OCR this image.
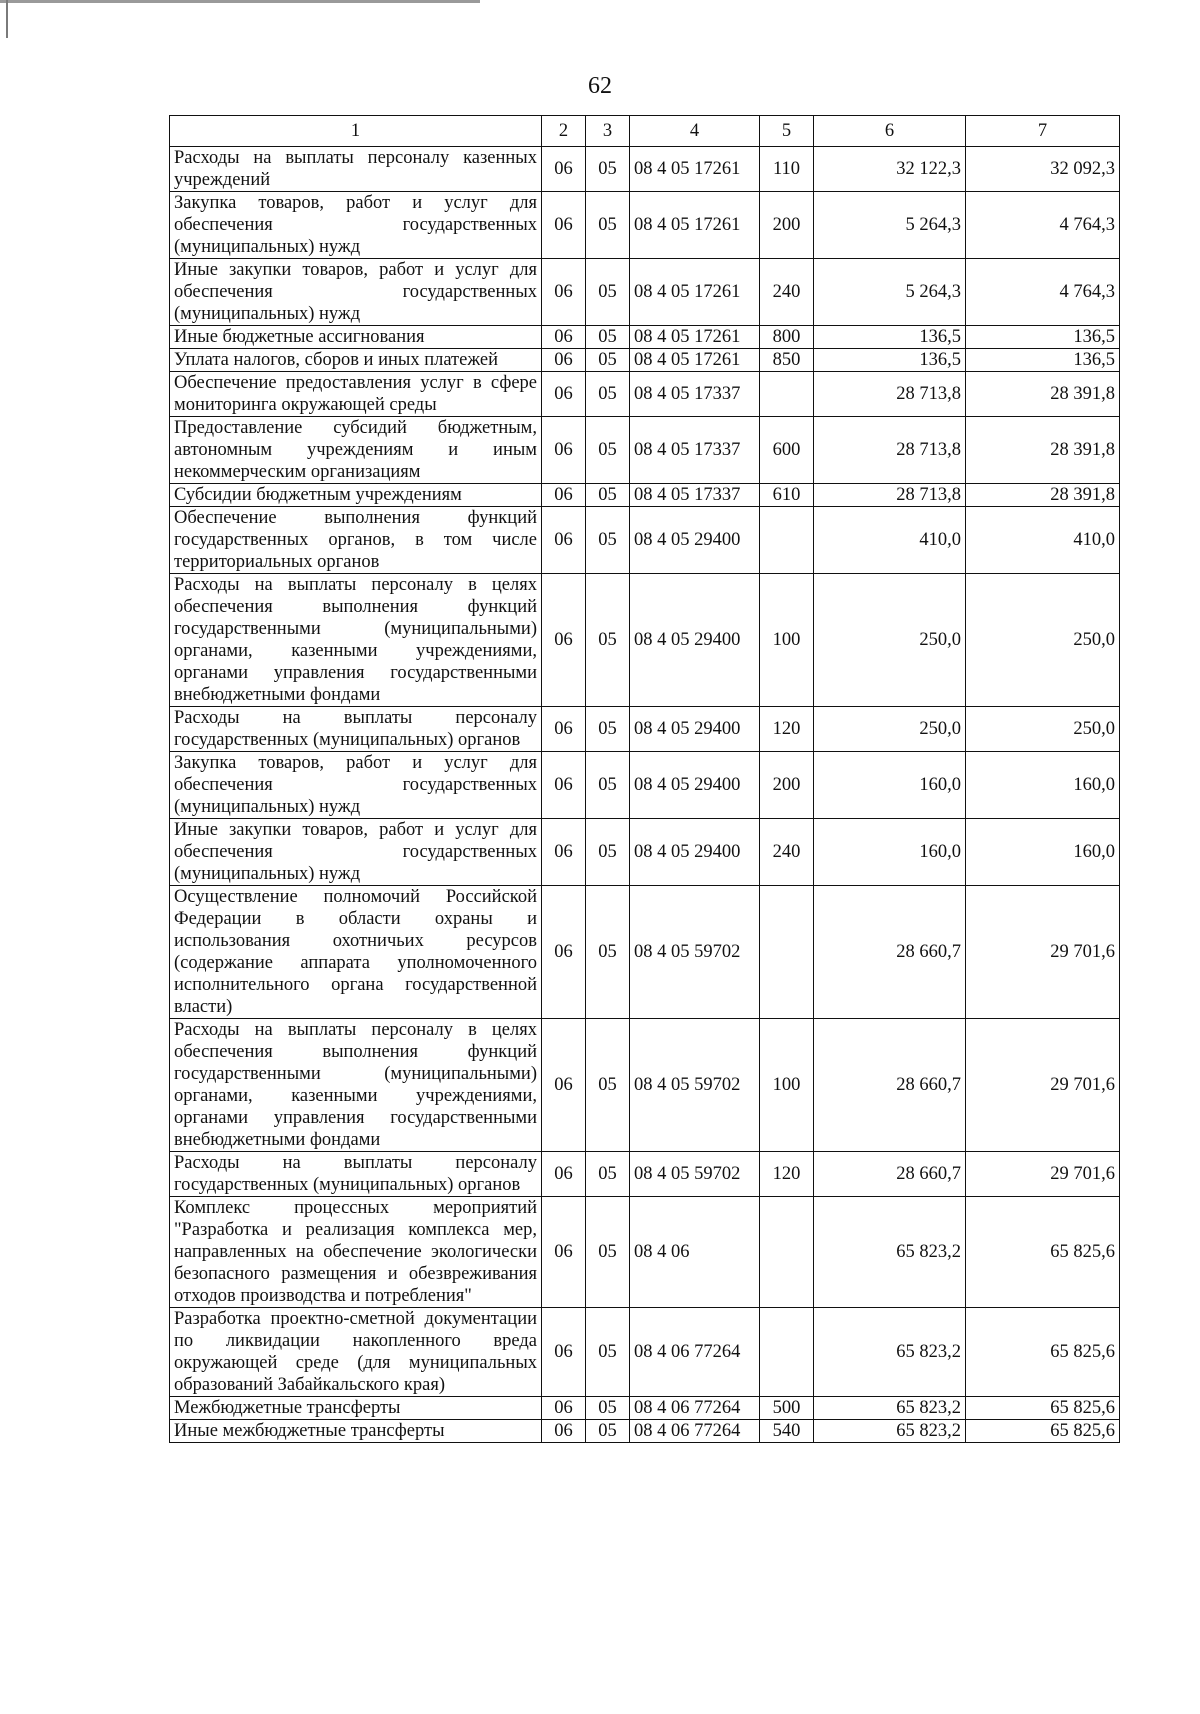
62
1	2	3	4	5	6	7
Расходы на выплаты персоналу казенных учреждений	06	05	08 4 05 17261	110	32 122,3	32 092,3
Закупка товаров, работ и услуг для обеспечения государственных (муниципальных) нужд	06	05	08 4 05 17261	200	5 264,3	4 764,3
Иные закупки товаров, работ и услуг для обеспечения государственных (муниципальных) нужд	06	05	08 4 05 17261	240	5 264,3	4 764,3
Иные бюджетные ассигнования	06	05	08 4 05 17261	800	136,5	136,5
Уплата налогов, сборов и иных платежей	06	05	08 4 05 17261	850	136,5	136,5
Обеспечение предоставления услуг в сфере мониторинга окружающей среды	06	05	08 4 05 17337		28 713,8	28 391,8
Предоставление субсидий бюджетным, автономным учреждениям и иным некоммерческим организациям	06	05	08 4 05 17337	600	28 713,8	28 391,8
Субсидии бюджетным учреждениям	06	05	08 4 05 17337	610	28 713,8	28 391,8
Обеспечение выполнения функций государственных органов, в том числе территориальных органов	06	05	08 4 05 29400		410,0	410,0
Расходы на выплаты персоналу в целях обеспечения выполнения функций государственными (муниципальными) органами, казенными учреждениями, органами управления государственными внебюджетными фондами	06	05	08 4 05 29400	100	250,0	250,0
Расходы на выплаты персоналу государственных (муниципальных) органов	06	05	08 4 05 29400	120	250,0	250,0
Закупка товаров, работ и услуг для обеспечения государственных (муниципальных) нужд	06	05	08 4 05 29400	200	160,0	160,0
Иные закупки товаров, работ и услуг для обеспечения государственных (муниципальных) нужд	06	05	08 4 05 29400	240	160,0	160,0
Осуществление полномочий Российской Федерации в области охраны и использования охотничьих ресурсов (содержание аппарата уполномоченного исполнительного органа государственной власти)	06	05	08 4 05 59702		28 660,7	29 701,6
Расходы на выплаты персоналу в целях обеспечения выполнения функций государственными (муниципальными) органами, казенными учреждениями, органами управления государственными внебюджетными фондами	06	05	08 4 05 59702	100	28 660,7	29 701,6
Расходы на выплаты персоналу государственных (муниципальных) органов	06	05	08 4 05 59702	120	28 660,7	29 701,6
Комплекс процессных мероприятий "Разработка и реализация комплекса мер, направленных на обеспечение экологически безопасного размещения и обезвреживания отходов производства и потребления"	06	05	08 4 06		65 823,2	65 825,6
Разработка проектно-сметной документации по ликвидации накопленного вреда окружающей среде (для муниципальных образований Забайкальского края)	06	05	08 4 06 77264		65 823,2	65 825,6
Межбюджетные трансферты	06	05	08 4 06 77264	500	65 823,2	65 825,6
Иные межбюджетные трансферты	06	05	08 4 06 77264	540	65 823,2	65 825,6
